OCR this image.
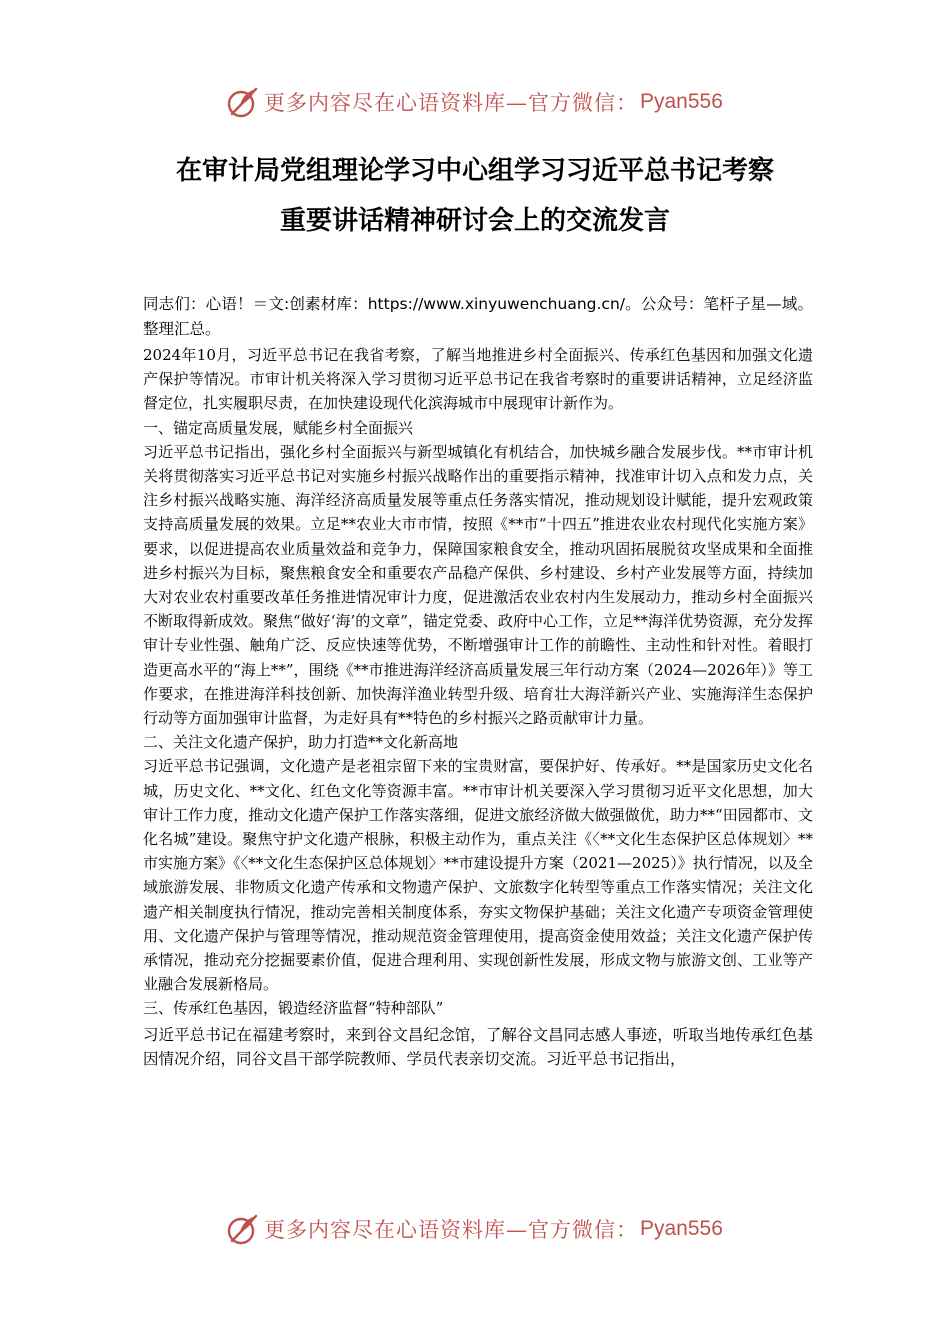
更多内容尽在心语资料库—官方微信： Pyan556
在审计局党组理论学习中心组学习习近平总书记考察
重要讲话精神研讨会上的交流发言

同志们：心语！＝文:创素材库：https://www.xinyuwenchuang.cn/。公众号：笔杆子星—域。整理汇总。

2024年10月，习近平总书记在我省考察，了解当地推进乡村全面振兴、传承红色基因和加强文化遗产保护等情况。市审计机关将深入学习贯彻习近平总书记在我省考察时的重要讲话精神，立足经济监督定位，扎实履职尽责，在加快建设现代化滨海城市中展现审计新作为。

一、锚定高质量发展，赋能乡村全面振兴

习近平总书记指出，强化乡村全面振兴与新型城镇化有机结合，加快城乡融合发展步伐。**市审计机关将贯彻落实习近平总书记对实施乡村振兴战略作出的重要指示精神，找准审计切入点和发力点，关注乡村振兴战略实施、海洋经济高质量发展等重点任务落实情况，推动规划设计赋能，提升宏观政策支持高质量发展的效果。立足**农业大市市情，按照《**市“十四五”推进农业农村现代化实施方案》要求，以促进提高农业质量效益和竞争力，保障国家粮食安全，推动巩固拓展脱贫攻坚成果和全面推进乡村振兴为目标，聚焦粮食安全和重要农产品稳产保供、乡村建设、乡村产业发展等方面，持续加大对农业农村重要改革任务推进情况审计力度，促进激活农业农村内生发展动力，推动乡村全面振兴不断取得新成效。聚焦“做好‘海’的文章”，锚定党委、政府中心工作，立足**海洋优势资源，充分发挥审计专业性强、触角广泛、反应快速等优势，不断增强审计工作的前瞻性、主动性和针对性。着眼打造更高水平的“海上**”，围绕《**市推进海洋经济高质量发展三年行动方案（2024—2026年）》等工作要求，在推进海洋科技创新、加快海洋渔业转型升级、培育壮大海洋新兴产业、实施海洋生态保护行动等方面加强审计监督，为走好具有**特色的乡村振兴之路贡献审计力量。

二、关注文化遗产保护，助力打造**文化新高地

习近平总书记强调，文化遗产是老祖宗留下来的宝贵财富，要保护好、传承好。**是国家历史文化名城，历史文化、**文化、红色文化等资源丰富。**市审计机关要深入学习贯彻习近平文化思想，加大审计工作力度，推动文化遗产保护工作落实落细，促进文旅经济做大做强做优，助力**“田园都市、文化名城”建设。聚焦守护文化遗产根脉，积极主动作为，重点关注《〈**文化生态保护区总体规划〉**市实施方案》《〈**文化生态保护区总体规划〉**市建设提升方案（2021—2025）》执行情况，以及全域旅游发展、非物质文化遗产传承和文物遗产保护、文旅数字化转型等重点工作落实情况；关注文化遗产相关制度执行情况，推动完善相关制度体系，夯实文物保护基础；关注文化遗产专项资金管理使用、文化遗产保护与管理等情况，推动规范资金管理使用，提高资金使用效益；关注文化遗产保护传承情况，推动充分挖掘要素价值，促进合理利用、实现创新性发展，形成文物与旅游文创、工业等产业融合发展新格局。

三、传承红色基因，锻造经济监督“特种部队”

习近平总书记在福建考察时，来到谷文昌纪念馆，了解谷文昌同志感人事迹，听取当地传承红色基因情况介绍，同谷文昌干部学院教师、学员代表亲切交流。习近平总书记指出，

更多内容尽在心语资料库—官方微信： Pyan556
